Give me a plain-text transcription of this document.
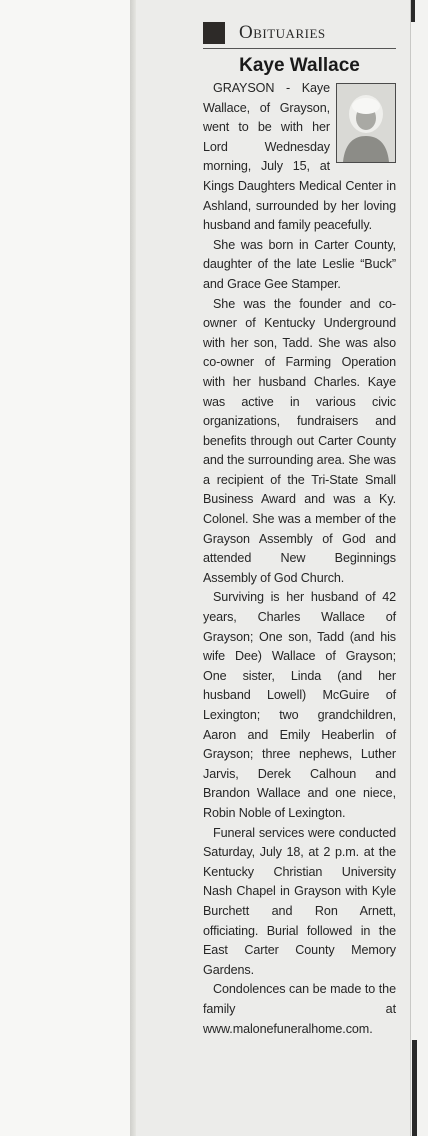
Obituaries
Kaye Wallace

GRAYSON - Kaye Wallace, of Grayson, went to be with her Lord Wednesday morning, July 15, at Kings Daughters Medical Center in Ashland, surrounded by her loving husband and family peacefully.

She was born in Carter County, daughter of the late Leslie “Buck” and Grace Gee Stamper.

She was the founder and co-owner of Kentucky Underground with her son, Tadd. She was also co-owner of Farming Operation with her husband Charles. Kaye was active in various civic organizations, fundraisers and benefits through out Carter County and the surrounding area. She was a recipient of the Tri-State Small Business Award and was a Ky. Colonel. She was a member of the Grayson Assembly of God and attended New Beginnings Assembly of God Church.

Surviving is her husband of 42 years, Charles Wallace of Grayson; One son, Tadd (and his wife Dee) Wallace of Grayson; One sister, Linda (and her husband Lowell) McGuire of Lexington; two grandchildren, Aaron and Emily Heaberlin of Grayson; three nephews, Luther Jarvis, Derek Calhoun and Brandon Wallace and one niece, Robin Noble of Lexington.

Funeral services were conducted Saturday, July 18, at 2 p.m. at the Kentucky Christian University Nash Chapel in Grayson with Kyle Burchett and Ron Arnett, officiating. Burial followed in the East Carter County Memory Gardens.

Condolences can be made to the family at www.malonefuneralhome.com.
